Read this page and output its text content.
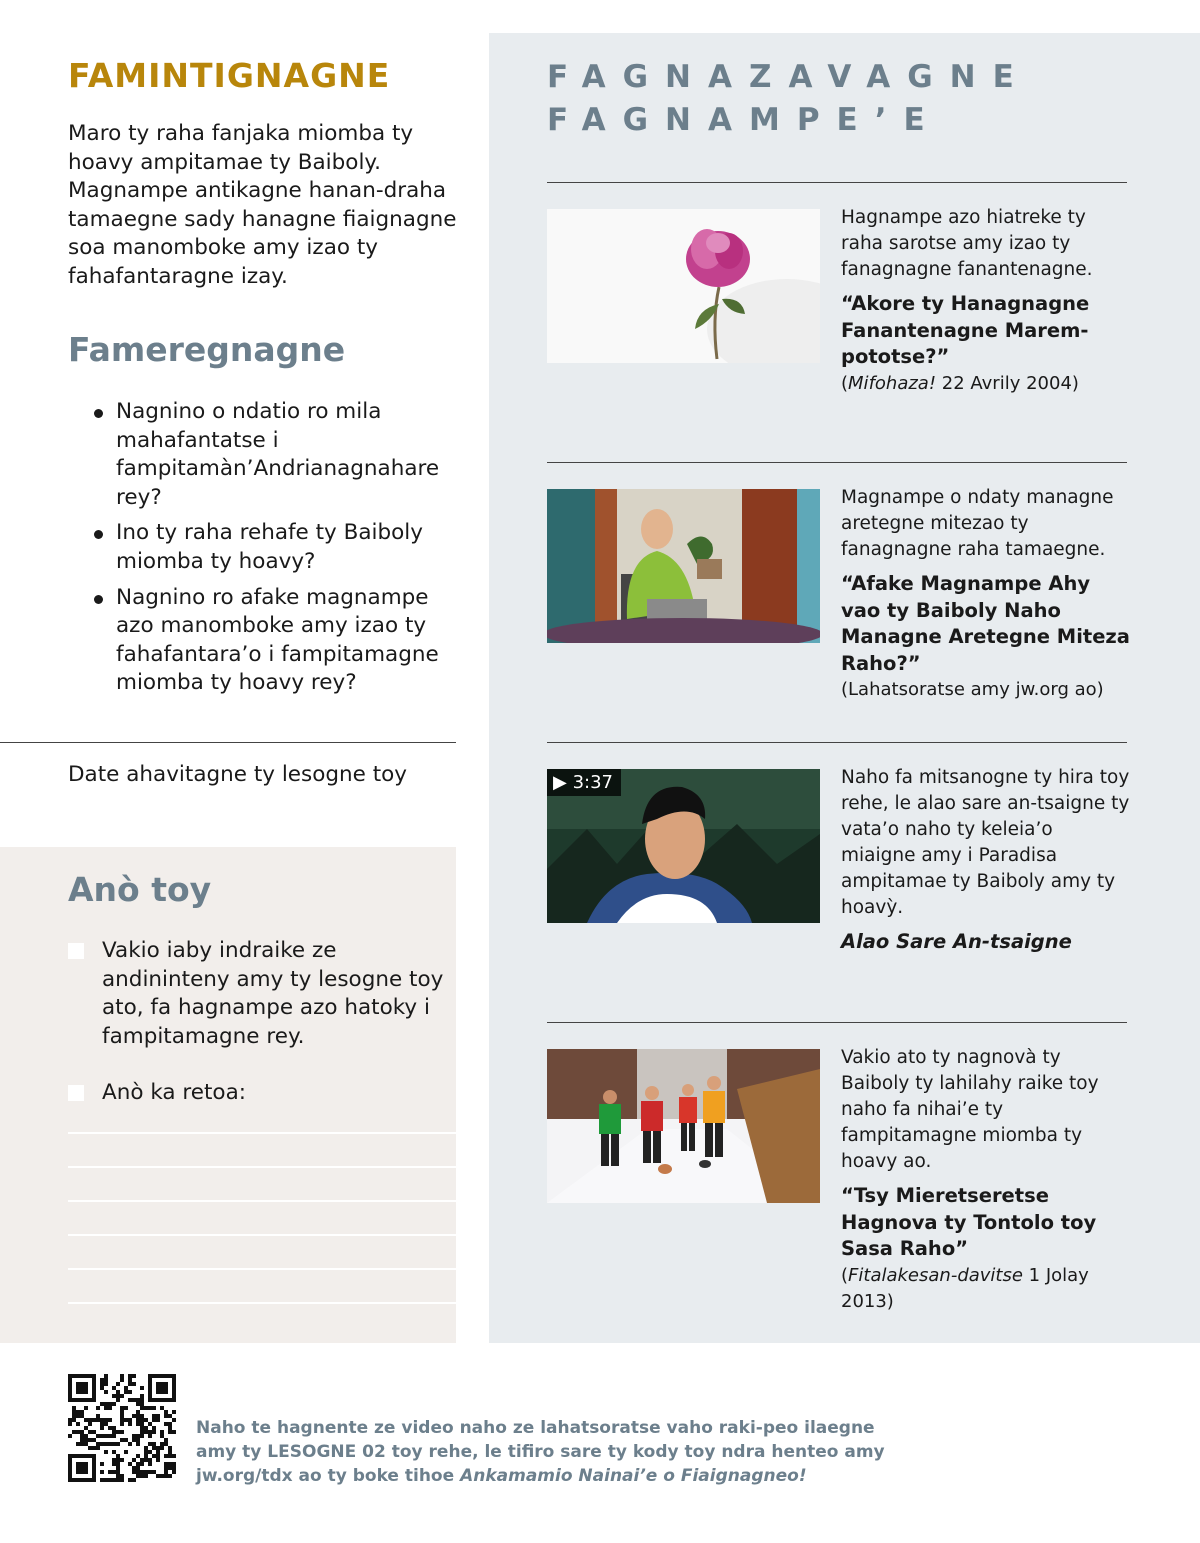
FAMINTIGNAGNE
Maro ty raha fanjaka miomba ty hoavy ampitamae ty Baiboly. Magnampe antikagne hanan-draha tamaegne sady hanagne fiaignagne soa manomboke amy izao ty fahafantaragne izay.
Fameregnagne
Nagnino o ndatio ro mila mahafantatse i fampitamàn’Andrianagnahare rey?
Ino ty raha rehafe ty Baiboly miomba ty hoavy?
Nagnino ro afake magnampe azo manomboke amy izao ty fahafantara’o i fampitamagne miomba ty hoavy rey?
Date ahavitagne ty lesogne toy
Anò toy
Vakio iaby indraike ze andininteny amy ty lesogne toy ato, fa hagnampe azo hatoky i fampitamagne rey.
Anò ka retoa:
FAGNAZAVAGNE
FAGNAMPE’E
Hagnampe azo hiatreke ty raha sarotse amy izao ty fanagnagne fanantenagne.
“Akore ty Hanagnagne Fanantenagne Marem-pototse?”
(Mifohaza! 22 Avrily 2004)
Magnampe o ndaty managne aretegne mitezao ty fanagnagne raha tamaegne.
“Afake Magnampe Ahy vao ty Baiboly Naho Managne Aretegne Miteza Raho?”
(Lahatsoratse amy jw.org ao)
▶ 3:37	Naho fa mitsanogne ty hira toy rehe, le alao sare an-tsaigne ty vata’o naho ty keleia’o miaigne amy i Paradisa ampitamae ty Baiboly amy ty hoavỳ.
Alao Sare An-tsaigne
Vakio ato ty nagnovà ty Baiboly ty lahilahy raike toy naho fa nihai’e ty fampitamagne miomba ty hoavy ao.
“Tsy Mieretseretse Hagnova ty Tontolo toy Sasa Raho”
(Fitalakesan-davitse 1 Jolay 2013)
Naho te hagnente ze video naho ze lahatsoratse vaho raki-peo ilaegne amy ty LESOGNE 02 toy rehe, le tifiro sare ty kody toy ndra henteo amy jw.org/tdx ao ty boke tihoe Ankamamio Nainai’e o Fiaignagneo!
